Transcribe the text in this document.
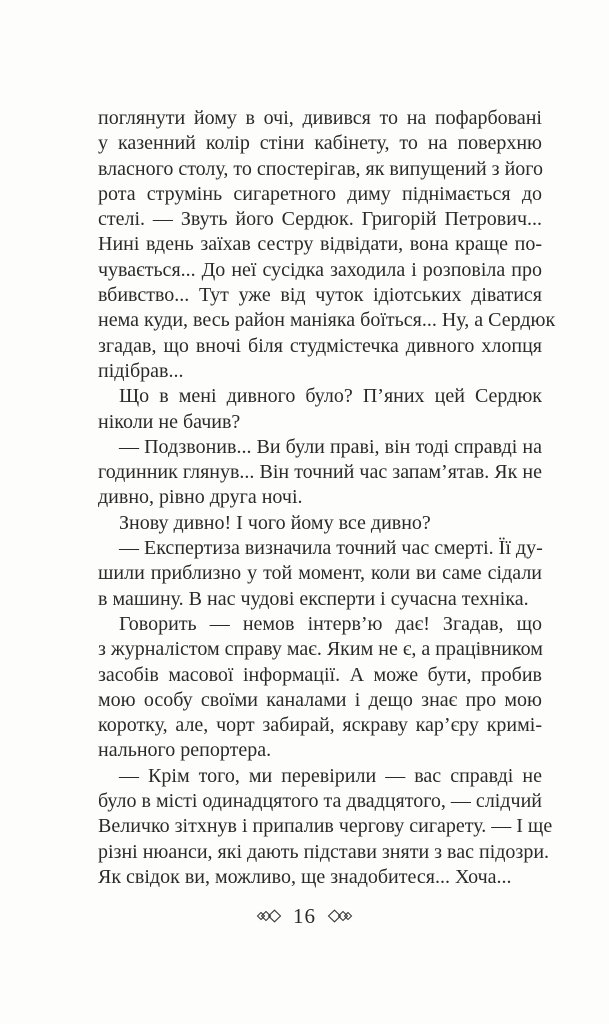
поглянути йому в очі, дивився то на пофарбовані
у казенний колір стіни кабінету, то на поверхню
власного столу, то спостерігав, як випущений з його
рота струмінь сигаретного диму піднімається до
стелі. — Звуть його Сердюк. Григорій Петрович...
Нині вдень заїхав сестру відвідати, вона краще по-
чувається... До неї сусідка заходила і розповіла про
вбивство... Тут уже від чуток ідіотських діватися
нема куди, весь район маніяка боїться... Ну, а Сердюк
згадав, що вночі біля студмістечка дивного хлопця
підібрав...
Що в мені дивного було? П’яних цей Сердюк
ніколи не бачив?
— Подзвонив... Ви були праві, він тоді справді на
годинник глянув... Він точний час запам’ятав. Як не
дивно, рівно друга ночі.
Знову дивно! І чого йому все дивно?
— Експертиза визначила точний час смерті. Її ду-
шили приблизно у той момент, коли ви саме сідали
в машину. В нас чудові експерти і сучасна техніка.
Говорить — немов інтерв’ю дає! Згадав, що
з журналістом справу має. Яким не є, а працівником
засобів масової інформації. А може бути, пробив
мою особу своїми каналами і дещо знає про мою
коротку, але, чорт забирай, яскраву кар’єру кримі-
нального репортера.
— Крім того, ми перевірили — вас справді не
було в місті одинадцятого та двадцятого, — слідчий
Величко зітхнув і припалив чергову сигарету. — І ще
різні нюанси, які дають підстави зняти з вас підозри.
Як свідок ви, можливо, ще знадобитеся... Хоча...
16
